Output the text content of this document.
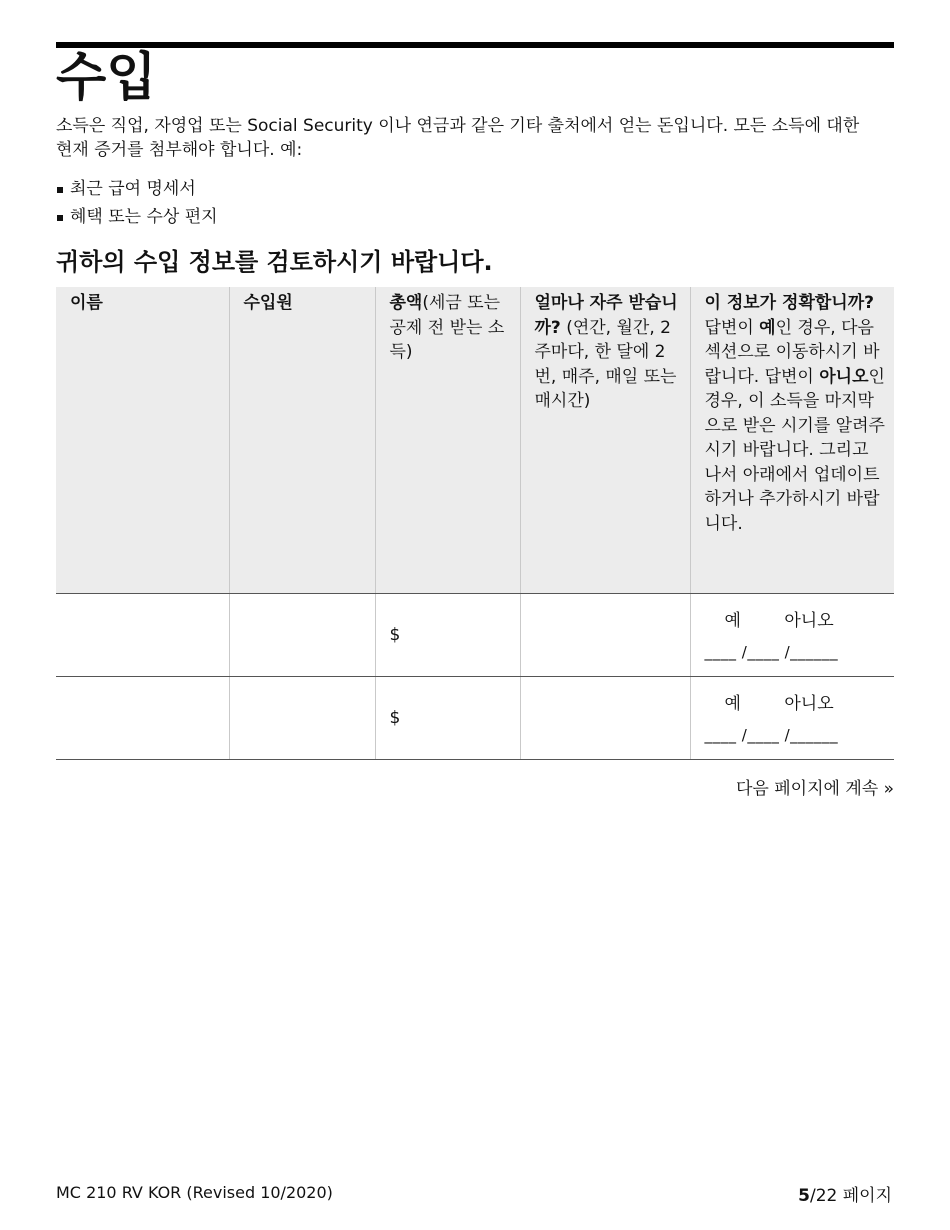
수입
소득은 직업, 자영업 또는 Social Security 이나 연금과 같은 기타 출처에서 얻는 돈입니다. 모든 소득에 대한 현재 증거를 첨부해야 합니다. 예:
최근 급여 명세서
혜택 또는 수상 편지
귀하의 수입 정보를 검토하시기 바랍니다.
이름	수입원	총액(세금 또는 공제 전 받는 소득)	얼마나 자주 받습니까? (연간, 월간, 2 주마다, 한 달에 2 번, 매주, 매일 또는 매시간)	이 정보가 정확합니까? 답변이 예인 경우, 다음 섹션으로 이동하시기 바랍니다. 답변이 아니오인 경우, 이 소득을 마지막으로 받은 시기를 알려주시기 바랍니다. 그리고 나서 아래에서 업데이트하거나 추가하시기 바랍니다.
		$		예 아니오
____ /____ /______

		$		예 아니오
____ /____ /______
다음 페이지에 계속 »
MC 210 RV KOR (Revised 10/2020)	5/22 페이지
